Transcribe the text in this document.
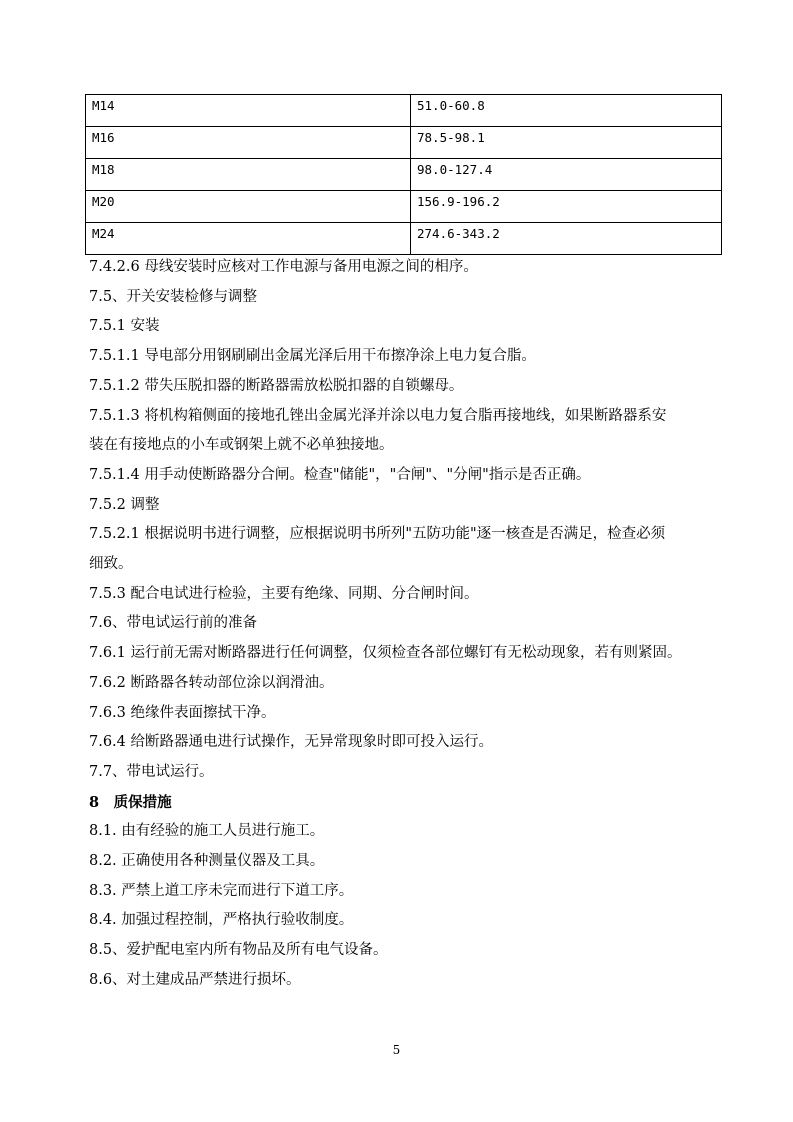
M14	51.0-60.8
M16	78.5-98.1
M18	98.0-127.4
M20	156.9-196.2
M24	274.6-343.2
7.4.2.6 母线安装时应核对工作电源与备用电源之间的相序。
7.5、开关安装检修与调整
7.5.1 安装
7.5.1.1 导电部分用钢刷刷出金属光泽后用干布擦净涂上电力复合脂。
7.5.1.2 带失压脱扣器的断路器需放松脱扣器的自锁螺母。
7.5.1.3 将机构箱侧面的接地孔锉出金属光泽并涂以电力复合脂再接地线，如果断路器系安
装在有接地点的小车或钢架上就不必单独接地。
7.5.1.4 用手动使断路器分合闸。检查"储能"，"合闸"、"分闸"指示是否正确。
7.5.2 调整
7.5.2.1 根据说明书进行调整，应根据说明书所列"五防功能"逐一核查是否满足，检查必须
细致。
7.5.3 配合电试进行检验，主要有绝缘、同期、分合闸时间。
7.6、带电试运行前的准备
7.6.1 运行前无需对断路器进行任何调整，仅须检查各部位螺钉有无松动现象，若有则紧固。
7.6.2 断路器各转动部位涂以润滑油。
7.6.3 绝缘件表面擦拭干净。
7.6.4 给断路器通电进行试操作，无异常现象时即可投入运行。
7.7、带电试运行。
8　质保措施
8.1. 由有经验的施工人员进行施工。
8.2. 正确使用各种测量仪器及工具。
8.3. 严禁上道工序未完而进行下道工序。
8.4. 加强过程控制，严格执行验收制度。
8.5、爱护配电室内所有物品及所有电气设备。
8.6、对土建成品严禁进行损坏。
5
